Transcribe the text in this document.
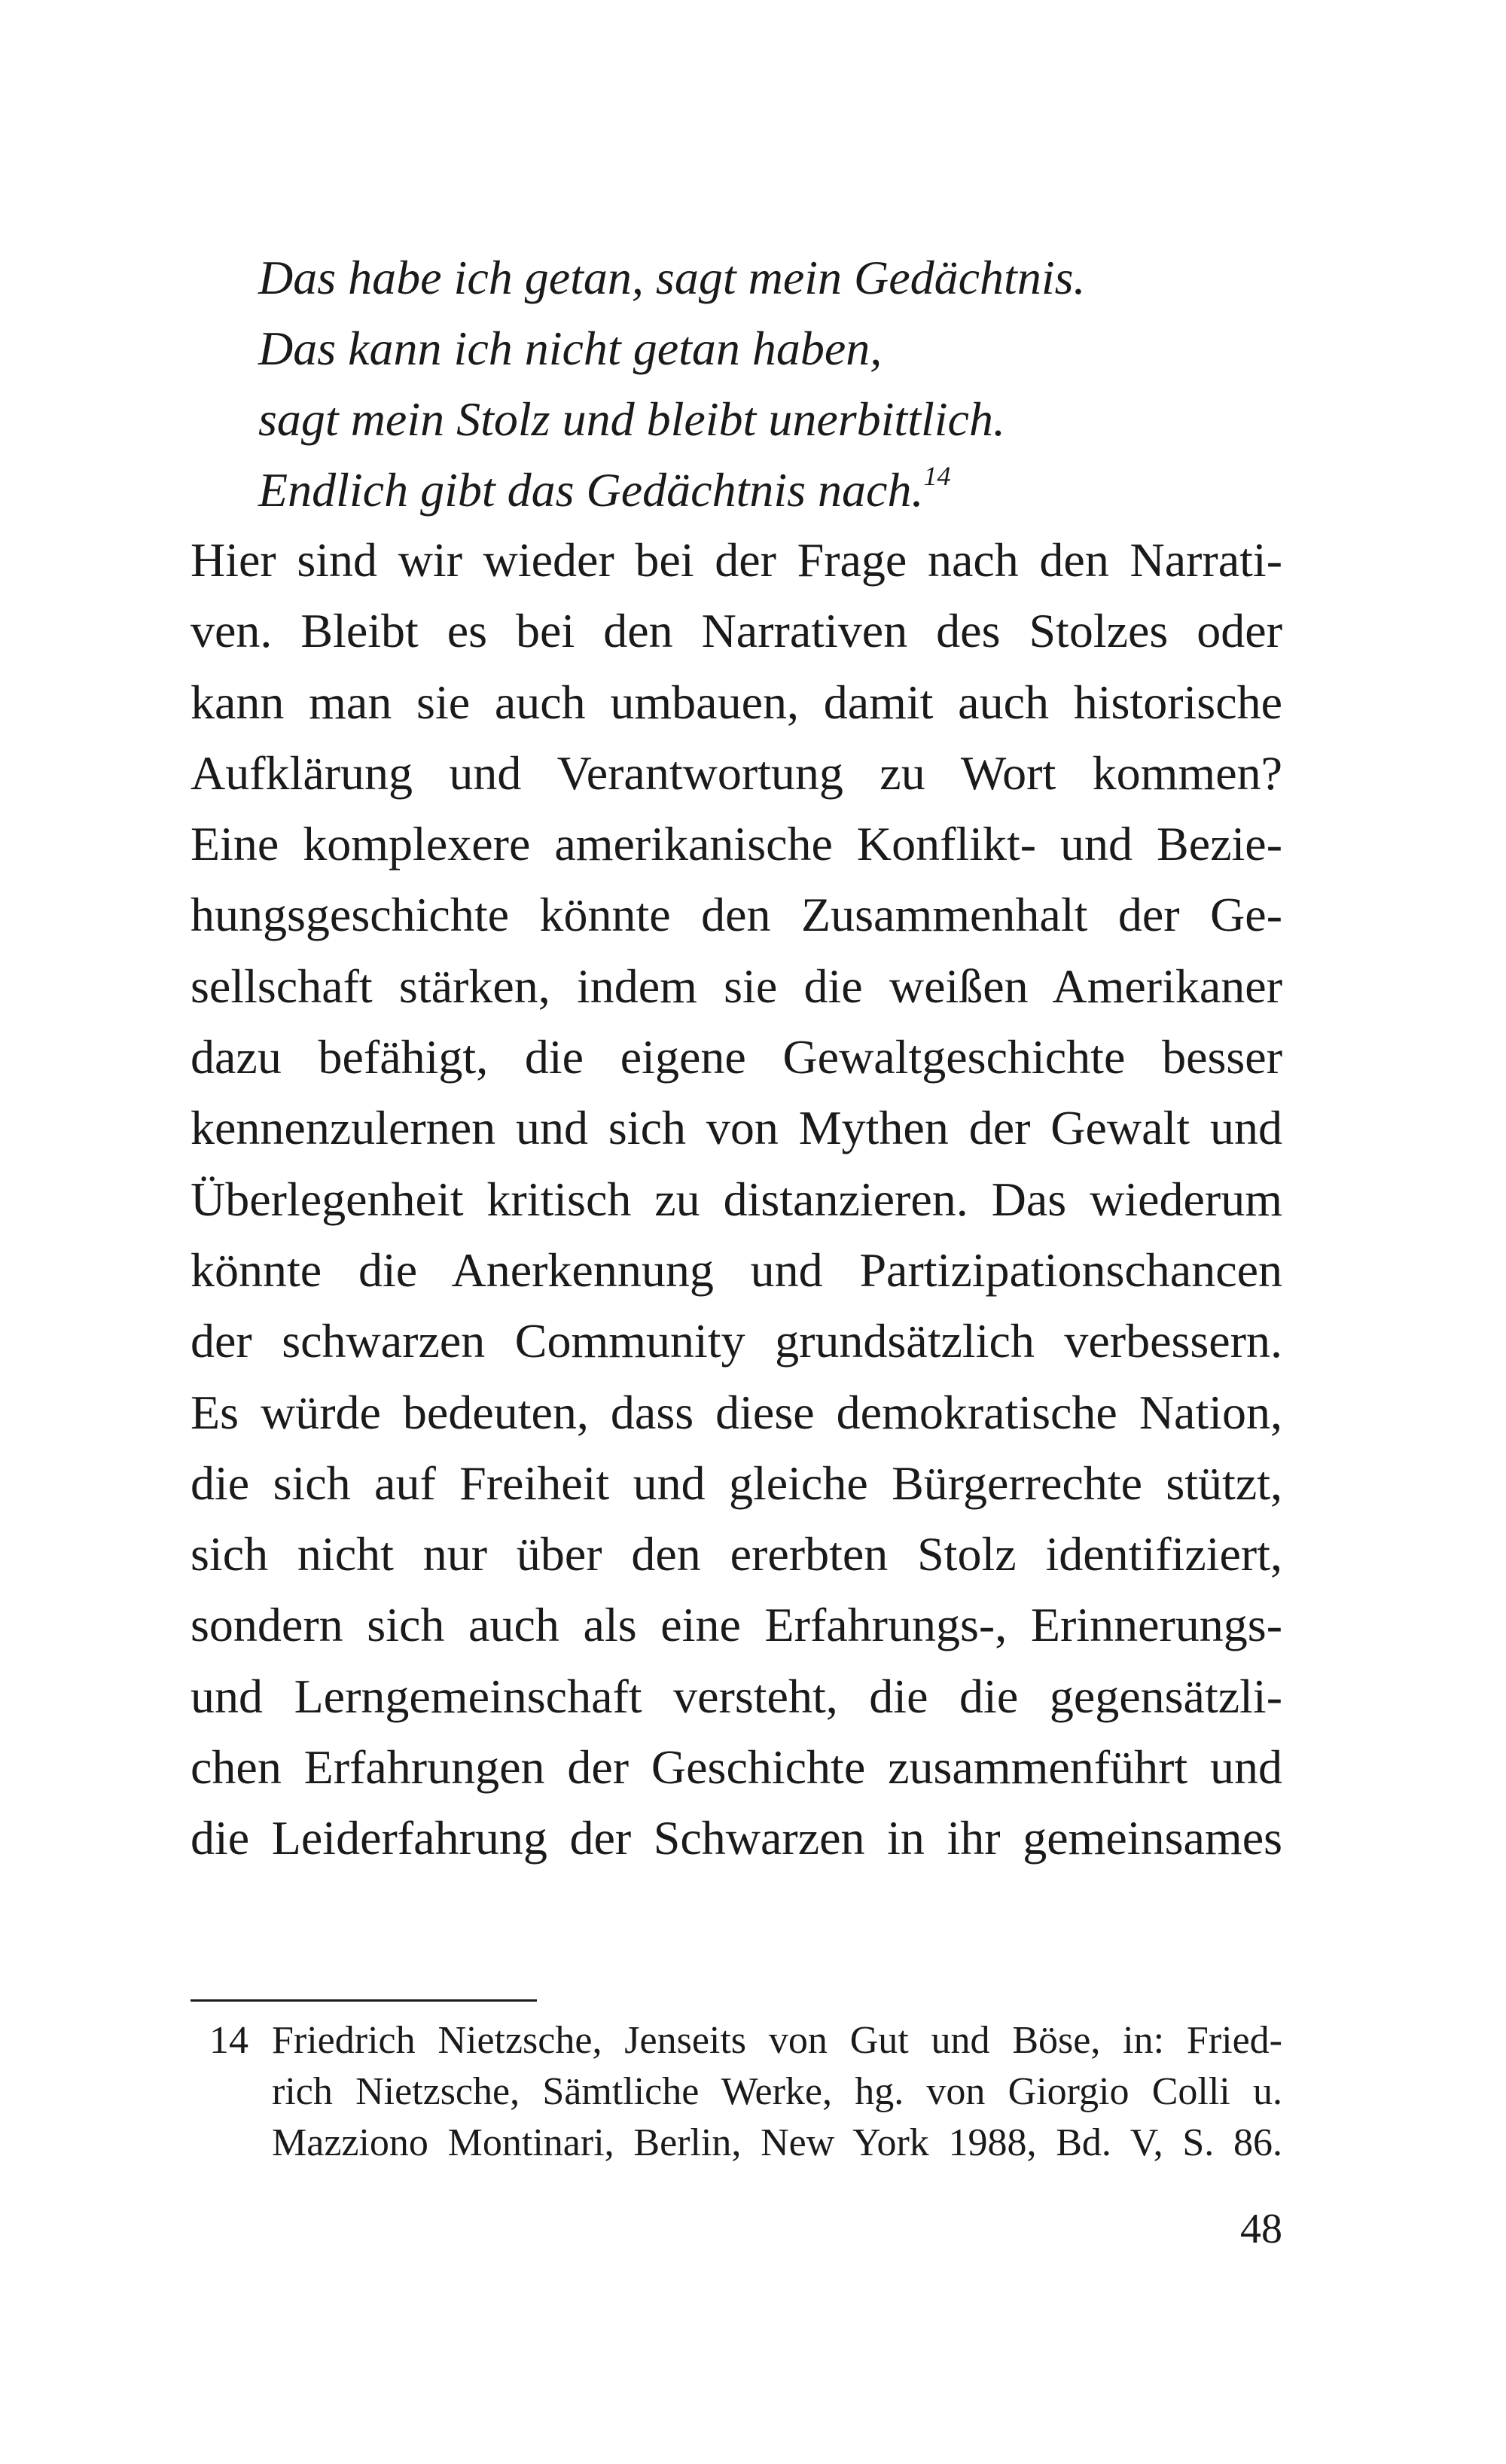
Das habe ich getan, sagt mein Gedächtnis.
Das kann ich nicht getan haben,
sagt mein Stolz und bleibt unerbittlich.
Endlich gibt das Gedächtnis nach.$^{14}$
Hier sind wir wieder bei der Frage nach den Narrati-
ven. Bleibt es bei den Narrativen des Stolzes oder
kann man sie auch umbauen, damit auch historische
Aufklärung und Verantwortung zu Wort kommen?
Eine komplexere amerikanische Konflikt- und Bezie-
hungsgeschichte könnte den Zusammenhalt der Ge-
sellschaft stärken, indem sie die weißen Amerikaner
dazu befähigt, die eigene Gewaltgeschichte besser
kennenzulernen und sich von Mythen der Gewalt und
Überlegenheit kritisch zu distanzieren. Das wiederum
könnte die Anerkennung und Partizipationschancen
der schwarzen Community grundsätzlich verbessern.
Es würde bedeuten, dass diese demokratische Nation,
die sich auf Freiheit und gleiche Bürgerrechte stützt,
sich nicht nur über den ererbten Stolz identifiziert,
sondern sich auch als eine Erfahrungs-, Erinnerungs-
und Lerngemeinschaft versteht, die die gegensätzli-
chen Erfahrungen der Geschichte zusammenführt und
die Leiderfahrung der Schwarzen in ihr gemeinsames
14 Friedrich Nietzsche, Jenseits von Gut und Böse, in: Fried-
rich Nietzsche, Sämtliche Werke, hg. von Giorgio Colli u.
Mazziono Montinari, Berlin, New York 1988, Bd. V, S. 86.
48
